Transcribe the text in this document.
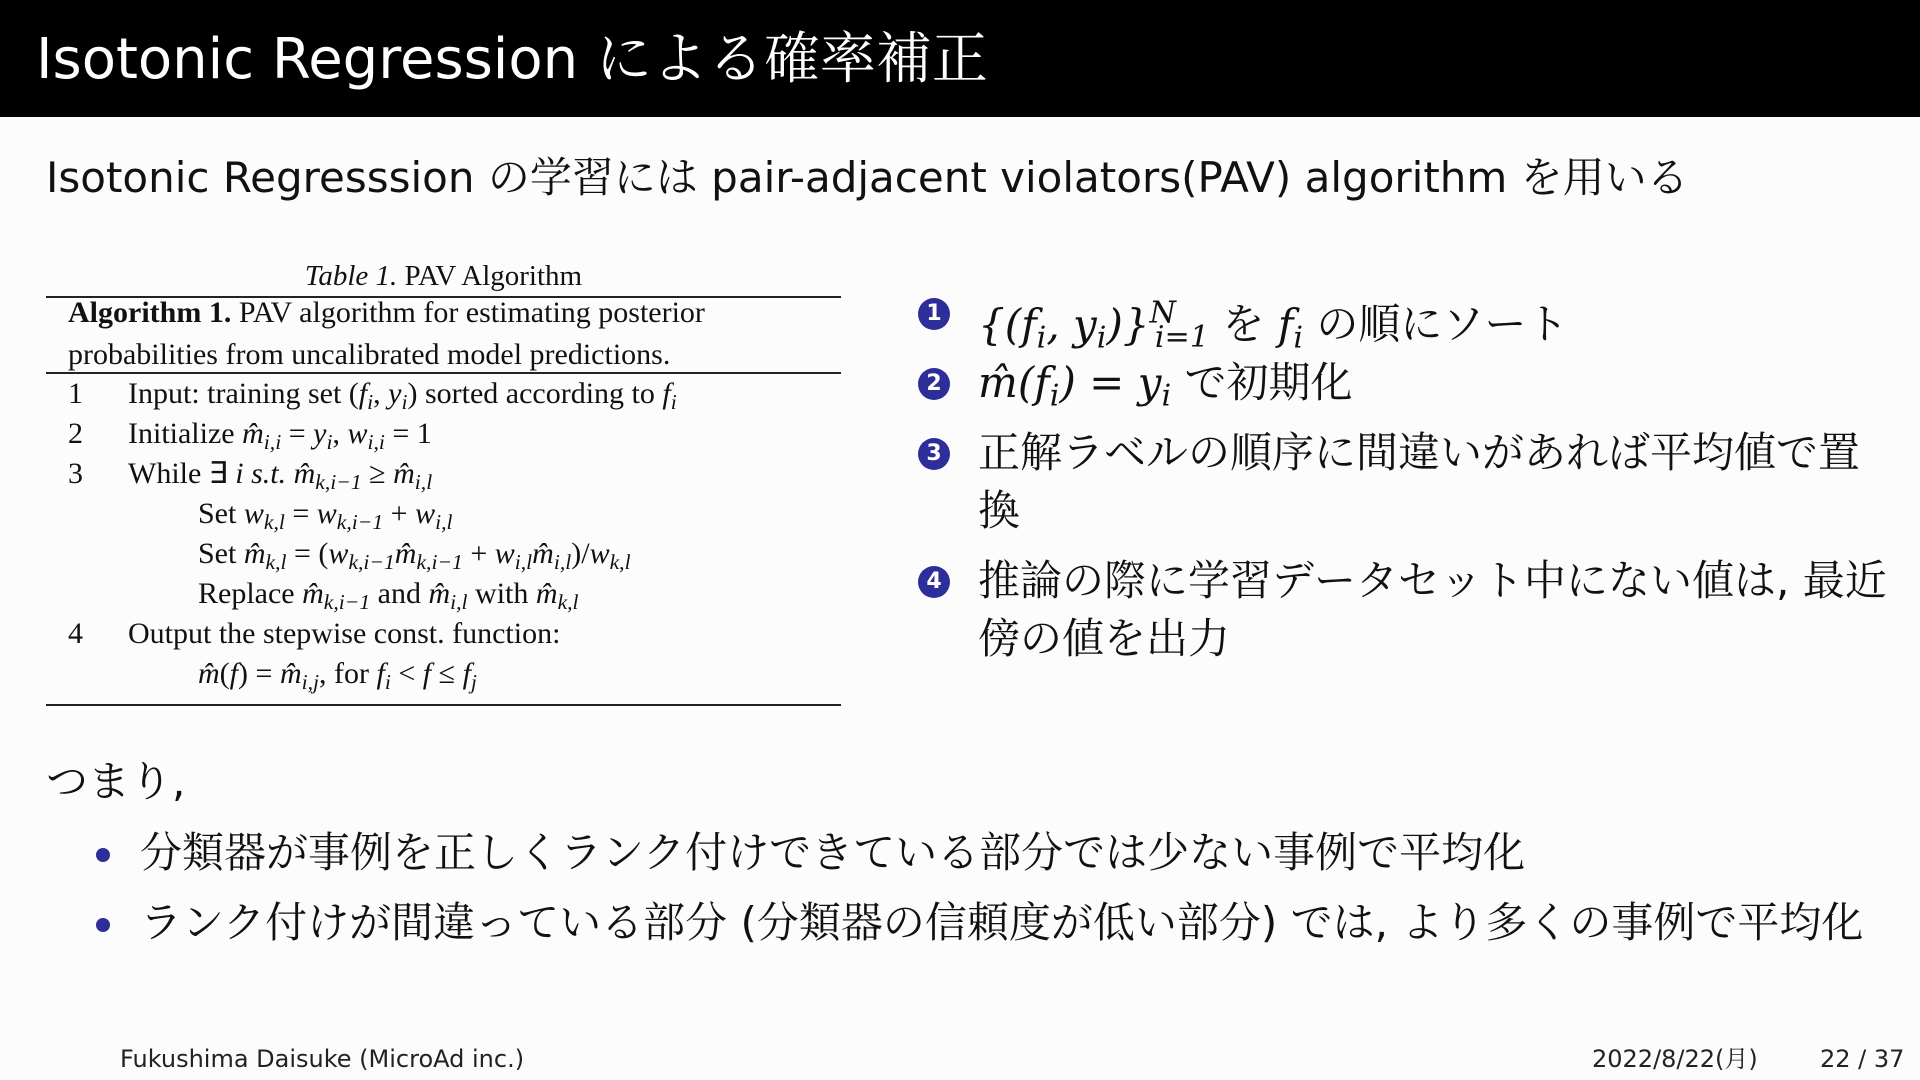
Isotonic Regression による確率補正
Isotonic Regresssion の学習には pair-adjacent violators(PAV) algorithm を用いる
Table 1. PAV Algorithm
Algorithm 1. PAV algorithm for estimating posterior probabilities from uncalibrated model predictions.
1	Input: training set ($f_i$, $y_i$) sorted according to $f_i$
2	Initialize $m̂_{i,i} = y_i$, $w_{i,i} = 1$
3	While ∃ i s.t. $m̂_{k,i-1}$ ≥ $m̂_{i,l}$
Set $w_{k,l} = w_{k,i-1} + w_{i,l}$
Set $m̂_{k,l}$ = ($w_{k,i-1}m̂_{k,i-1}$ + $w_{i,l}m̂_{i,l})/w_{k,l}$
Replace $m̂_{k,i-1}$ and $m̂_{i,l}$ with $m̂_{k,l}$
4	Output the stepwise const. function:
m̂(f) = $m̂_{i,j}$, for $f_i < f \le f_j$
1 {($f_i$, $y_i)\}^N_{i=1}$ を $f_i$ の順にソート
2 $m̂(f_i) = y_i$ で初期化
3 正解ラベルの順序に間違いがあれば平均値で置換
4 推論の際に学習データセット中にない値は, 最近傍の値を出力
つまり,
分類器が事例を正しくランク付けできている部分では少ない事例で平均化
ランク付けが間違っている部分 (分類器の信頼度が低い部分) では, より多くの事例で平均化
Fukushima Daisuke (MicroAd inc.)	2022/8/22(月)	22 / 37
